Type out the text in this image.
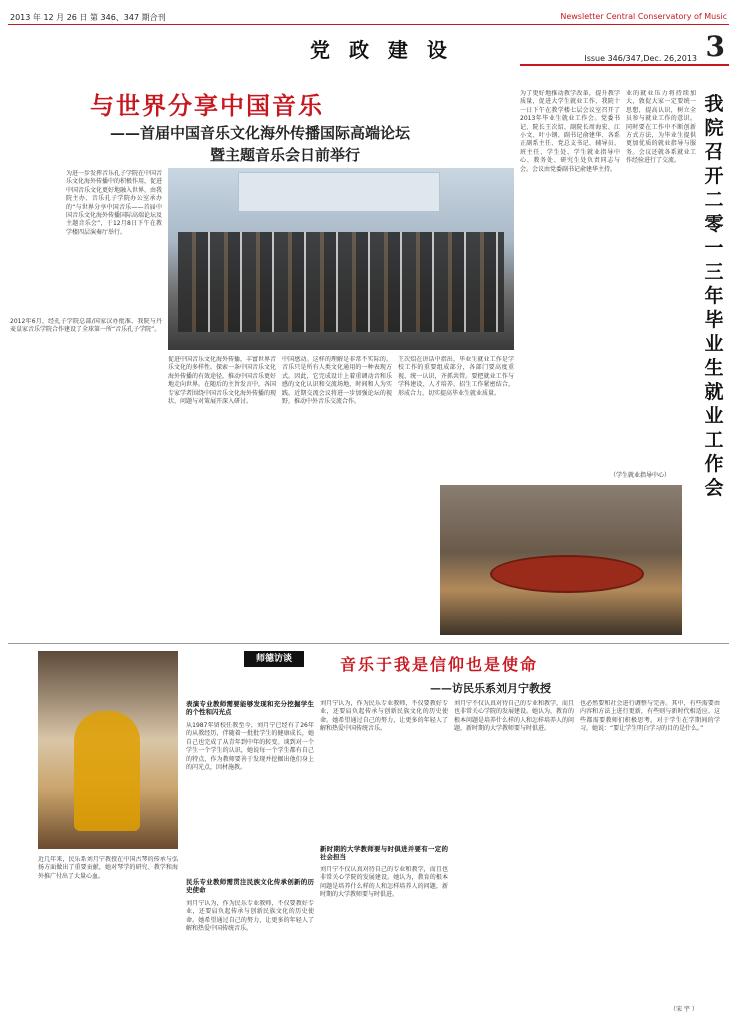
2013 年 12 月 26 日 第 346、347 期合刊	Newsletter Central Conservatory of Music
党 政 建 设	Issue 346/347,Dec. 26,2013 3
与世界分享中国音乐
——首届中国音乐文化海外传播国际高端论坛
暨主题音乐会日前举行
为进一步发挥音乐孔子学院在中国音乐文化海外传播中的积极作用，促进中国音乐文化更好地融入世界，由我院主办、音乐孔子学院办公室承办的“与世界分享中国音乐——首届中国音乐文化海外传播国际高端论坛及主题音乐会”，于12月8日下午在教学楼四层演奏厅举行。
2012年6月，经孔子学院总部/国家汉办批准，我院与丹麦皇家音乐学院合作建设了全球第一所“音乐孔子学院”。
促进中国音乐文化海外传播，丰富世界音乐文化的多样性。探索一条中国音乐文化海外传播的有效途径，推动中国音乐更好地走向世界。在随后的主旨发言中，各国专家学者围绕中国音乐文化海外传播的现状、问题与对策展开深入研讨。
中国感动。这样的理解是非常不实际的。音乐只是所有人类文化通用的一种表现方式。因此，它完成设计上着重调动音和乐感的文化认识和交流场地，时间和人为实践。近期交流会议将进一步加强论坛的视野，推动中外音乐交流合作。
王次炤在讲话中指出，毕业生就业工作是学校工作的重要组成部分，各部门要高度重视，统一认识，齐抓共管。要把就业工作与学科建设、人才培养、招生工作紧密结合，形成合力，切实提高毕业生就业质量。
为了更好地推动教学改革，提升教学质量，促进大学生就业工作，我院十一日下午在教学楼七层会议室召开了2013年毕业生就业工作会。党委书记、院长王次炤、副院长周海宏、江小文、叶小钢、副书记俞建华、各系正副系主任、党总支书记、辅导员、班主任、学生处、学生就业指导中心、教务处、研究生处负责同志与会。会议由党委副书记俞建华主持。
业的就业压力将持续加大，敦促大家一定要统一思想，提高认识，树立全员参与就业工作的意识。同时要在工作中不断创新方式方法，为毕业生提供更加优质的就业指导与服务。会议还就各系就业工作经验进行了交流。
（学生就业指导中心）
我院召开二零一三年毕业生就业工作会
师德访谈	音乐于我是信仰也是使命
——访民乐系刘月宁教授
近几年来，民乐系刘月宁教授在中国古琴的传承与弘扬方面做出了重要贡献，她对琴学的研究、教学和海外推广付出了大量心血。
表演专业教师需要能够发现和充分挖掘学生的个性和闪光点
从1987年留校任教至今，刘月宁已经有了26年的从教经历，伴随着一批批学生的健康成长，她自己也完成了从青年到中年的转变。谈到对一个学生一个学生的认识，她说每一个学生都有自己的特点，作为教师要善于发现并挖掘出他们身上的闪光点，因材施教。
民乐专业教师需贯注民族文化传承创新的历史使命
刘月宁认为，作为民乐专业教师，不仅要教好专业，还要肩负起传承与创新民族文化的历史使命。她希望通过自己的努力，让更多的年轻人了解和热爱中国传统音乐。
刘月宁认为，作为民乐专业教师，不仅要教好专业，还要肩负起传承与创新民族文化的历史使命。她希望通过自己的努力，让更多的年轻人了解和热爱中国传统音乐。
新时期的大学教师要与时俱进并要有一定的社会担当
刘月宁不仅认真对待自己的专业和教学，而且也非常关心学院的发展建设。她认为，教育的根本问题是培养什么样的人和怎样培养人的问题，新时期的大学教师要与时俱进。
刘月宁不仅认真对待自己的专业和教学，而且也非常关心学院的发展建设。她认为，教育的根本问题是培养什么样的人和怎样培养人的问题，新时期的大学教师要与时俱进。
也必然要和社会进行调整与完善。其中，有些需要由内容和方法上进行更新，有些则与新时代相适应。这些都需要教师们积极思考。对于学生在学期间的学习，她说：“要让学生明白学习的目的是什么。”
（宋 宇 ）
